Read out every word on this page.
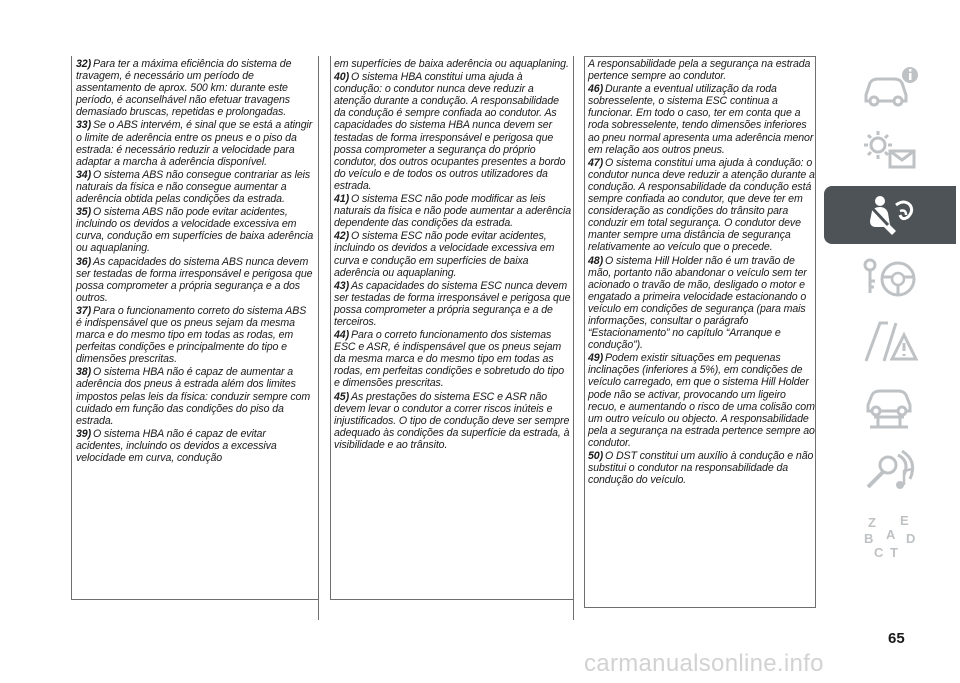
32) Para ter a máxima eficiência do sistema de travagem, é necessário um período de assentamento de aprox. 500 km: durante este período, é aconselhável não efetuar travagens demasiado bruscas, repetidas e prolongadas.

33) Se o ABS intervém, é sinal que se está a atingir o limite de aderência entre os pneus e o piso da estrada: é necessário reduzir a velocidade para adaptar a marcha à aderência disponível.

34) O sistema ABS não consegue contrariar as leis naturais da física e não consegue aumentar a aderência obtida pelas condições da estrada.

35) O sistema ABS não pode evitar acidentes, incluindo os devidos a velocidade excessiva em curva, condução em superfícies de baixa aderência ou aquaplaning.

36) As capacidades do sistema ABS nunca devem ser testadas de forma irresponsável e perigosa que possa comprometer a própria segurança e a dos outros.

37) Para o funcionamento correto do sistema ABS é indispensável que os pneus sejam da mesma marca e do mesmo tipo em todas as rodas, em perfeitas condições e principalmente do tipo e dimensões prescritas.

38) O sistema HBA não é capaz de aumentar a aderência dos pneus à estrada além dos limites impostos pelas leis da física: conduzir sempre com cuidado em função das condições do piso da estrada.

39) O sistema HBA não é capaz de evitar acidentes, incluindo os devidos a excessiva velocidade em curva, condução

em superfícies de baixa aderência ou aquaplaning.

40) O sistema HBA constitui uma ajuda à condução: o condutor nunca deve reduzir a atenção durante a condução. A responsabilidade da condução é sempre confiada ao condutor. As capacidades do sistema HBA nunca devem ser testadas de forma irresponsável e perigosa que possa comprometer a segurança do próprio condutor, dos outros ocupantes presentes a bordo do veículo e de todos os outros utilizadores da estrada.

41) O sistema ESC não pode modificar as leis naturais da física e não pode aumentar a aderência dependente das condições da estrada.

42) O sistema ESC não pode evitar acidentes, incluindo os devidos a velocidade excessiva em curva e condução em superfícies de baixa aderência ou aquaplaning.

43) As capacidades do sistema ESC nunca devem ser testadas de forma irresponsável e perigosa que possa comprometer a própria segurança e a de terceiros.

44) Para o correto funcionamento dos sistemas ESC e ASR, é indispensável que os pneus sejam da mesma marca e do mesmo tipo em todas as rodas, em perfeitas condições e sobretudo do tipo e dimensões prescritas.

45) As prestações do sistema ESC e ASR não devem levar o condutor a correr riscos inúteis e injustificados. O tipo de condução deve ser sempre adequado às condições da superfície da estrada, à visibilidade e ao trânsito.

A responsabilidade pela a segurança na estrada pertence sempre ao condutor.

46) Durante a eventual utilização da roda sobresselente, o sistema ESC continua a funcionar. Em todo o caso, ter em conta que a roda sobresselente, tendo dimensões inferiores ao pneu normal apresenta uma aderência menor em relação aos outros pneus.

47) O sistema constitui uma ajuda à condução: o condutor nunca deve reduzir a atenção durante a condução. A responsabilidade da condução está sempre confiada ao condutor, que deve ter em consideração as condições do trânsito para conduzir em total segurança. O condutor deve manter sempre uma distância de segurança relativamente ao veículo que o precede.

48) O sistema Hill Holder não é um travão de mão, portanto não abandonar o veículo sem ter acionado o travão de mão, desligado o motor e engatado a primeira velocidade estacionando o veículo em condições de segurança (para mais informações, consultar o parágrafo “Estacionamento” no capítulo “Arranque e condução”).

49) Podem existir situações em pequenas inclinações (inferiores a 5%), em condições de veículo carregado, em que o sistema Hill Holder pode não se activar, provocando um ligeiro recuo, e aumentando o risco de uma colisão com um outro veículo ou objecto. A responsabilidade pela a segurança na estrada pertence sempre ao condutor.

50) O DST constitui um auxílio à condução e não substitui o condutor na responsabilidade da condução do veículo.

Z E
B	D
C T
A
65
carmanualsonline.info
